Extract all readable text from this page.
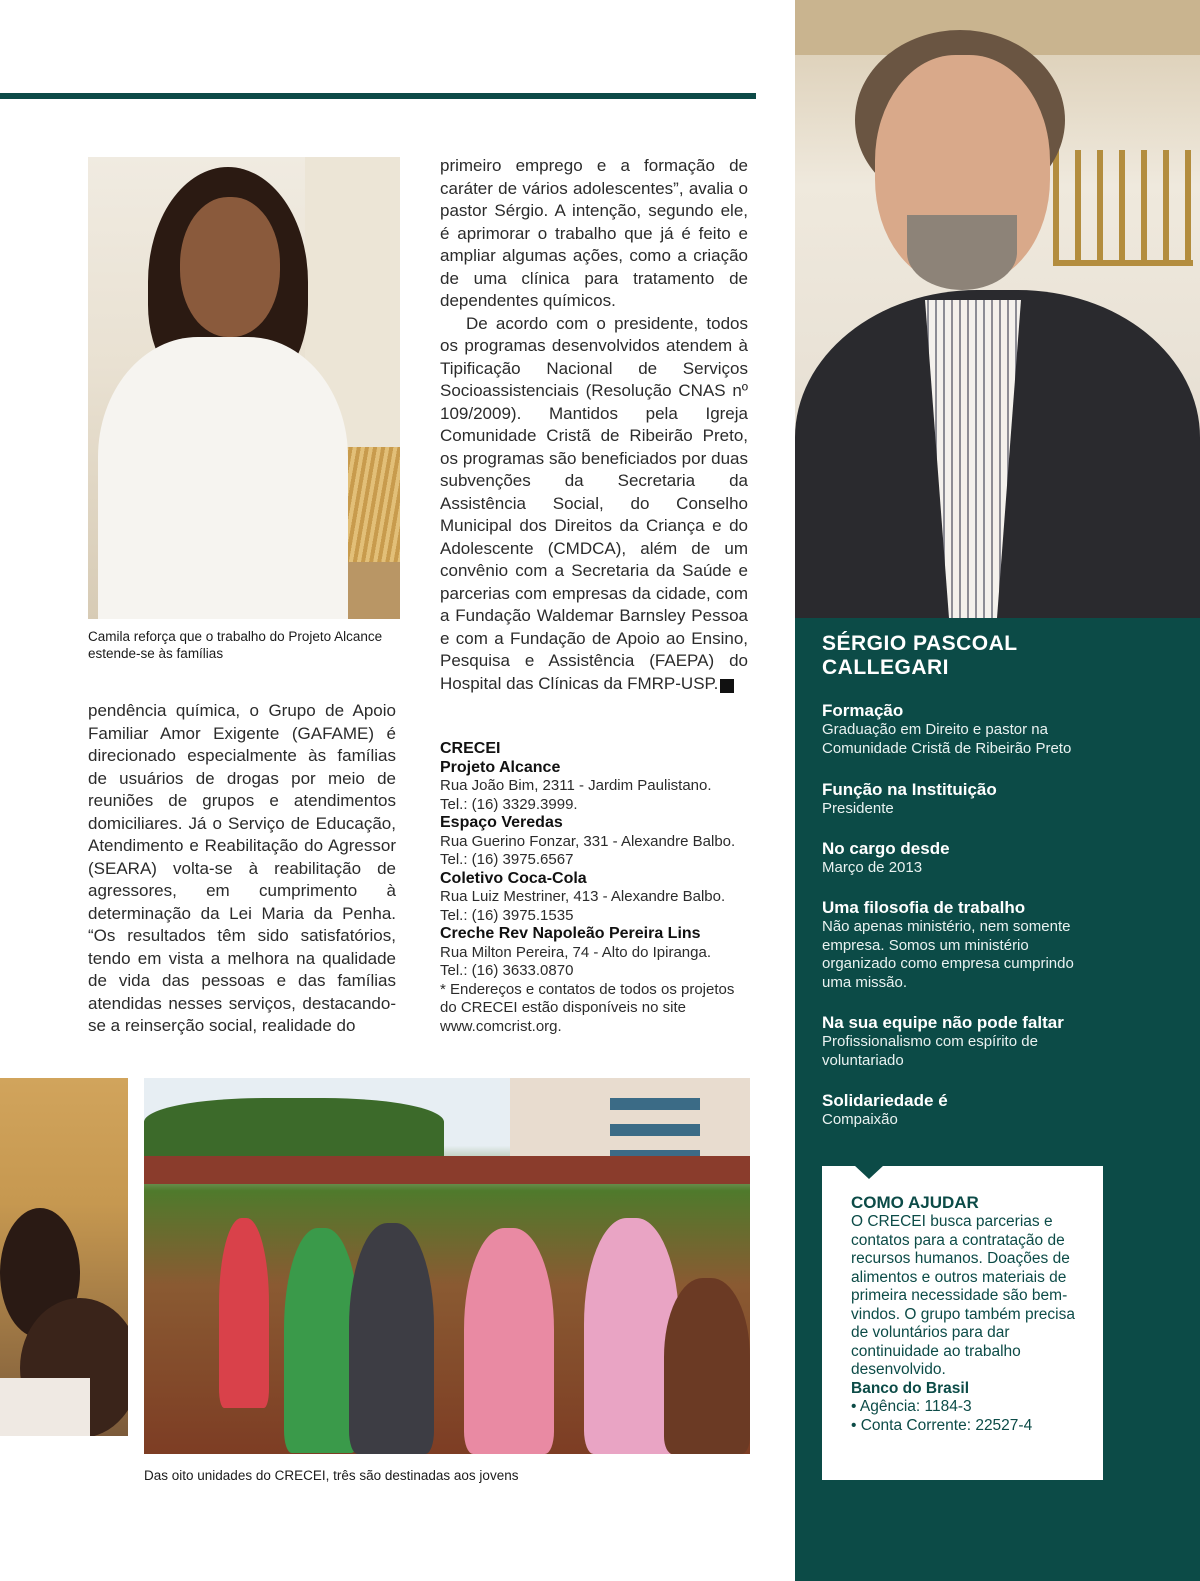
Camila reforça que o trabalho do Projeto Alcance estende-se às famílias

pendência química, o Grupo de Apoio Familiar Amor Exigente (GAFAME) é direcionado especialmente às famílias de usuários de drogas por meio de reuniões de grupos e atendimentos domiciliares. Já o Serviço de Educação, Atendimento e Reabilitação do Agressor (SEARA) volta-se à reabilitação de agressores, em cumprimento à determinação da Lei Maria da Penha. “Os resultados têm sido satisfatórios, tendo em vista a melhora na qualidade de vida das pessoas e das famílias atendidas nesses serviços, destacando-se a reinserção social, realidade do

primeiro emprego e a formação de caráter de vários adolescentes”, avalia o pastor Sérgio. A intenção, segundo ele, é aprimorar o trabalho que já é feito e ampliar algumas ações, como a criação de uma clínica para tratamento de dependentes químicos.

De acordo com o presidente, todos os programas desenvolvidos atendem à Tipificação Nacional de Serviços Socioassistenciais (Resolução CNAS nº 109/2009). Mantidos pela Igreja Comunidade Cristã de Ribeirão Preto, os programas são beneficiados por duas subvenções da Secretaria da Assistência Social, do Conselho Municipal dos Direitos da Criança e do Adolescente (CMDCA), além de um convênio com a Secretaria da Saúde e parcerias com empresas da cidade, com a Fundação Waldemar Barnsley Pessoa e com a Fundação de Apoio ao Ensino, Pesquisa e Assistência (FAEPA) do Hospital das Clínicas da FMRP-USP.	r

CRECEI
Projeto Alcance
Rua João Bim, 2311 - Jardim Paulistano.
Tel.: (16) 3329.3999.
Espaço Veredas
Rua Guerino Fonzar, 331 - Alexandre Balbo.
Tel.: (16) 3975.6567
Coletivo Coca-Cola
Rua Luiz Mestriner, 413 - Alexandre Balbo.
Tel.: (16) 3975.1535
Creche Rev Napoleão Pereira Lins
Rua Milton Pereira, 74 - Alto do Ipiranga.
Tel.: (16) 3633.0870
* Endereços e contatos de todos os projetos do CRECEI estão disponíveis no site www.comcrist.org.
Das oito unidades do CRECEI, três são destinadas aos jovens
SÉRGIO PASCOAL
CALLEGARI
Formação
Graduação em Direito e pastor na Comunidade Cristã de Ribeirão Preto
Função na Instituição
Presidente
No cargo desde
Março de 2013
Uma filosofia de trabalho
Não apenas ministério, nem somente empresa. Somos um ministério organizado como empresa cumprindo uma missão.
Na sua equipe não pode faltar
Profissionalismo com espírito de voluntariado
Solidariedade é
Compaixão
COMO AJUDAR
O CRECEI busca parcerias e contatos para a contratação de recursos humanos. Doações de alimentos e outros materiais de primeira necessidade são bem-vindos. O grupo também precisa de voluntários para dar continuidade ao trabalho desenvolvido.
Banco do Brasil
• Agência: 1184-3
• Conta Corrente: 22527-4
